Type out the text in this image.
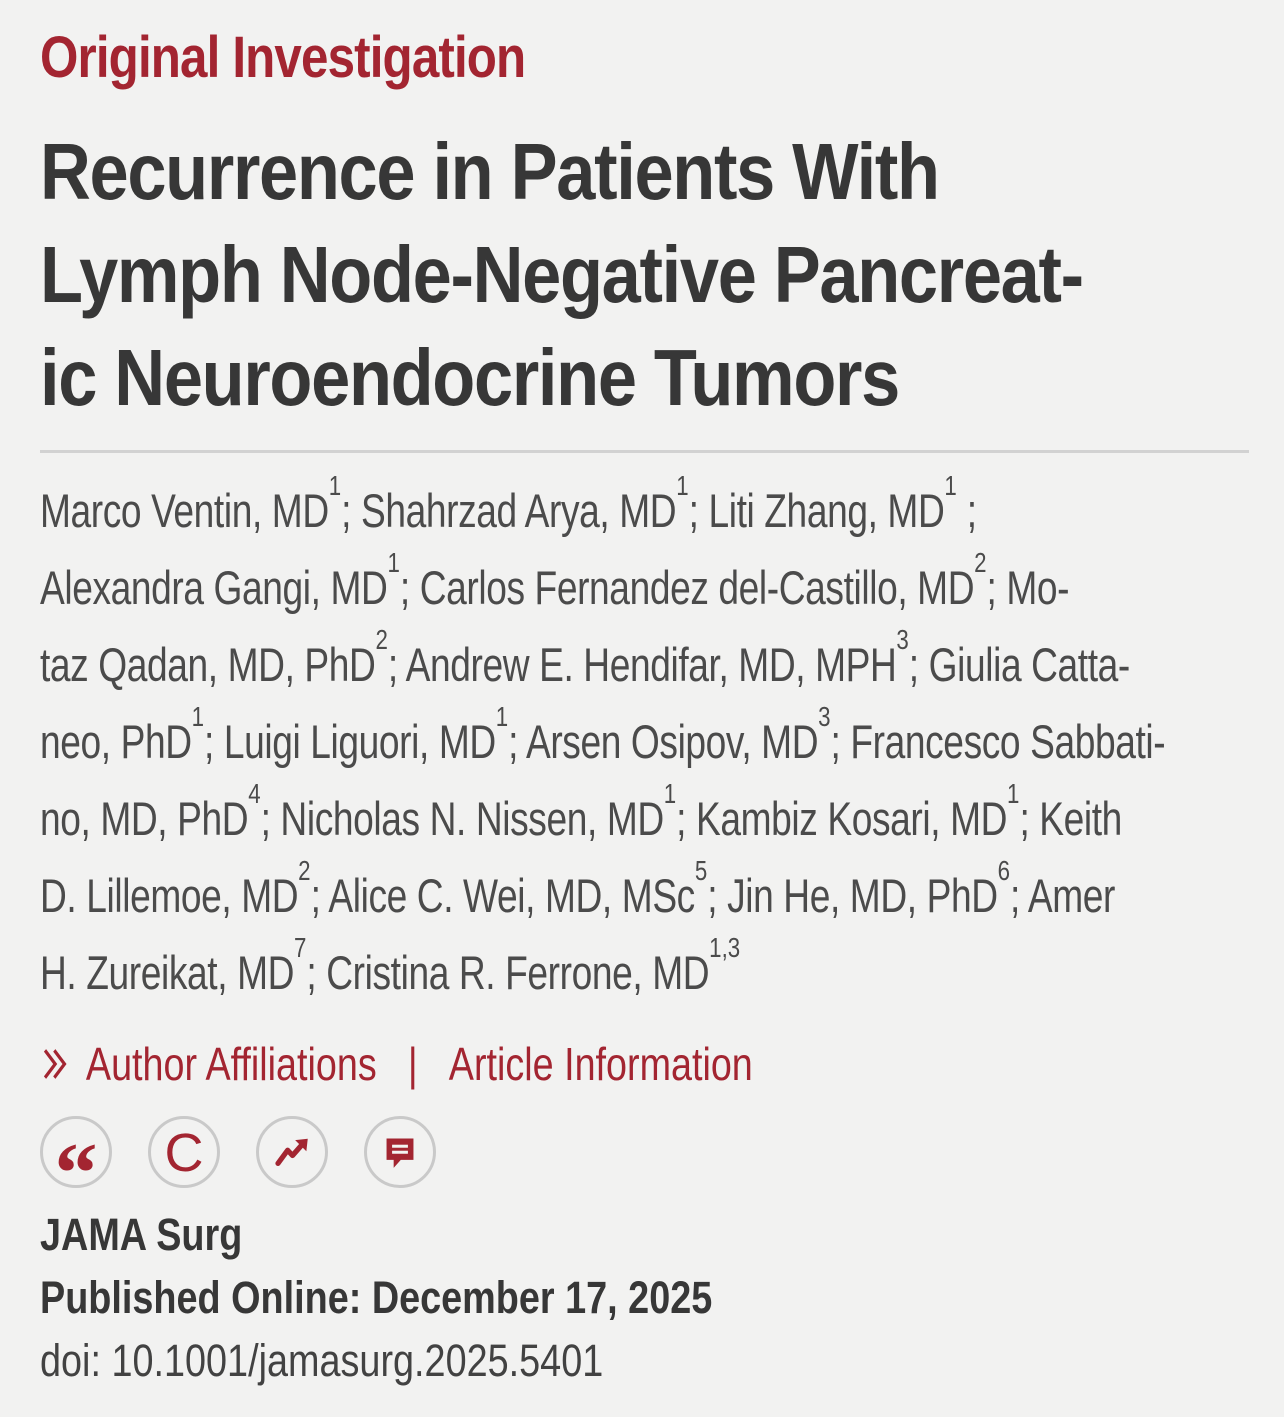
Original Investigation
Recurrence in Patients With
Lymph Node-Negative Pancreat-
ic Neuroendocrine Tumors
Marco Ventin, $MD^1$; Shahrzad Arya, $MD^1$; Liti Zhang, $MD^1$ ;
Alexandra Gangi, $MD^1$; Carlos Fernandez del-Castillo, $MD^2$; Mo-
taz Qadan, MD, PhD$^2$; Andrew E. Hendifar, MD, MPH$^3$; Giulia Catta-
neo, PhD$^1$; Luigi Liguori, $MD^1$; Arsen Osipov, $MD^3$; Francesco Sabbati-
no, MD, PhD$^4$; Nicholas N. Nissen, $MD^1$; Kambiz Kosari, $MD^1$; Keith
D. Lillemoe, $MD^2$; Alice C. Wei, MD, MSc$^5$; Jin He, MD, PhD$^6$; Amer
H. Zureikat, $MD^7$; Cristina R. Ferrone, MD$^{1,3}$
Author Affiliations | Article Information
“ C
JAMA Surg
Published Online: December 17, 2025
doi: 10.1001/jamasurg.2025.5401
